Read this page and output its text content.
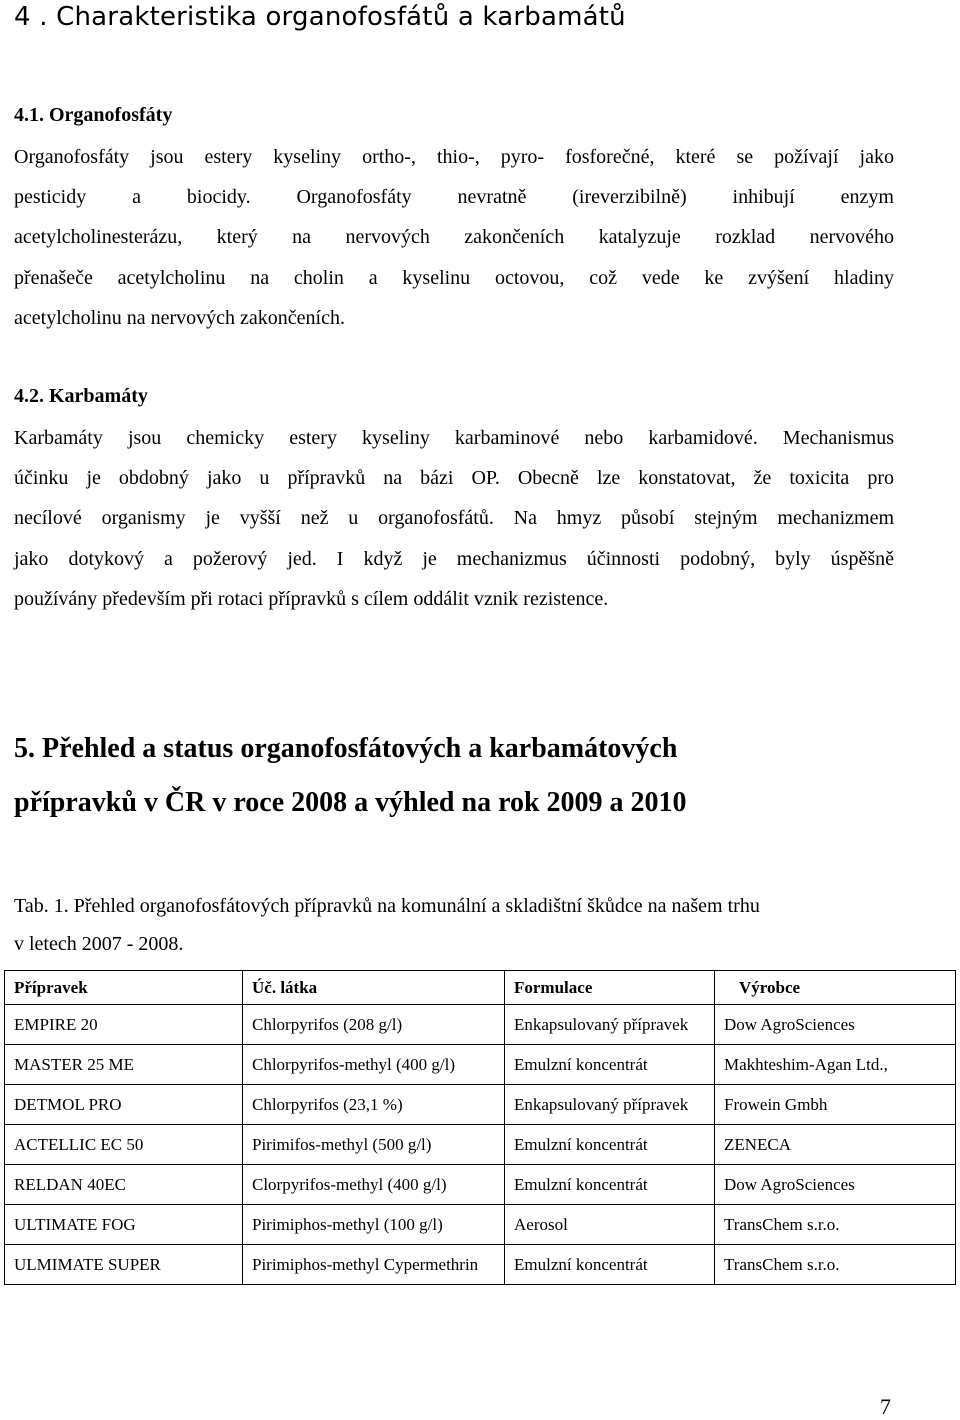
4 . Charakteristika organofosfátů a karbamátů
4.1. Organofosfáty
Organofosfáty jsou estery kyseliny ortho-, thio-, pyro- fosforečné, které se požívají jako
pesticidy a biocidy. Organofosfáty nevratně (ireverzibilně) inhibují enzym
acetylcholinesterázu, který na nervových zakončeních katalyzuje rozklad nervového
přenašeče acetylcholinu na cholin a kyselinu octovou, což vede ke zvýšení hladiny
acetylcholinu na nervových zakončeních.
4.2. Karbamáty
Karbamáty jsou chemicky estery kyseliny karbaminové nebo karbamidové. Mechanismus
účinku je obdobný jako u přípravků na bázi OP. Obecně lze konstatovat, že toxicita pro
necílové organismy je vyšší než u organofosfátů. Na hmyz působí stejným mechanizmem
jako dotykový a požerový jed. I když je mechanizmus účinnosti podobný, byly úspěšně
používány především při rotaci přípravků s cílem oddálit vznik rezistence.
5. Přehled a status organofosfátových a karbamátových
přípravků v ČR v roce 2008 a výhled na rok 2009 a 2010
Tab. 1. Přehled organofosfátových přípravků na komunální a skladištní škůdce na našem trhu
v letech 2007 - 2008.
Přípravek	Úč. látka	Formulace	Výrobce
EMPIRE 20	Chlorpyrifos (208 g/l)	Enkapsulovaný přípravek	Dow AgroSciences
MASTER 25 ME	Chlorpyrifos-methyl (400 g/l)	Emulzní koncentrát	Makhteshim-Agan Ltd.,
DETMOL PRO	Chlorpyrifos (23,1 %)	Enkapsulovaný přípravek	Frowein Gmbh
ACTELLIC EC 50	Pirimifos-methyl (500 g/l)	Emulzní koncentrát	ZENECA
RELDAN 40EC	Clorpyrifos-methyl (400 g/l)	Emulzní koncentrát	Dow AgroSciences
ULTIMATE FOG	Pirimiphos-methyl (100 g/l)	Aerosol	TransChem s.r.o.
ULMIMATE SUPER	Pirimiphos-methyl Cypermethrin	Emulzní koncentrát	TransChem s.r.o.
7
